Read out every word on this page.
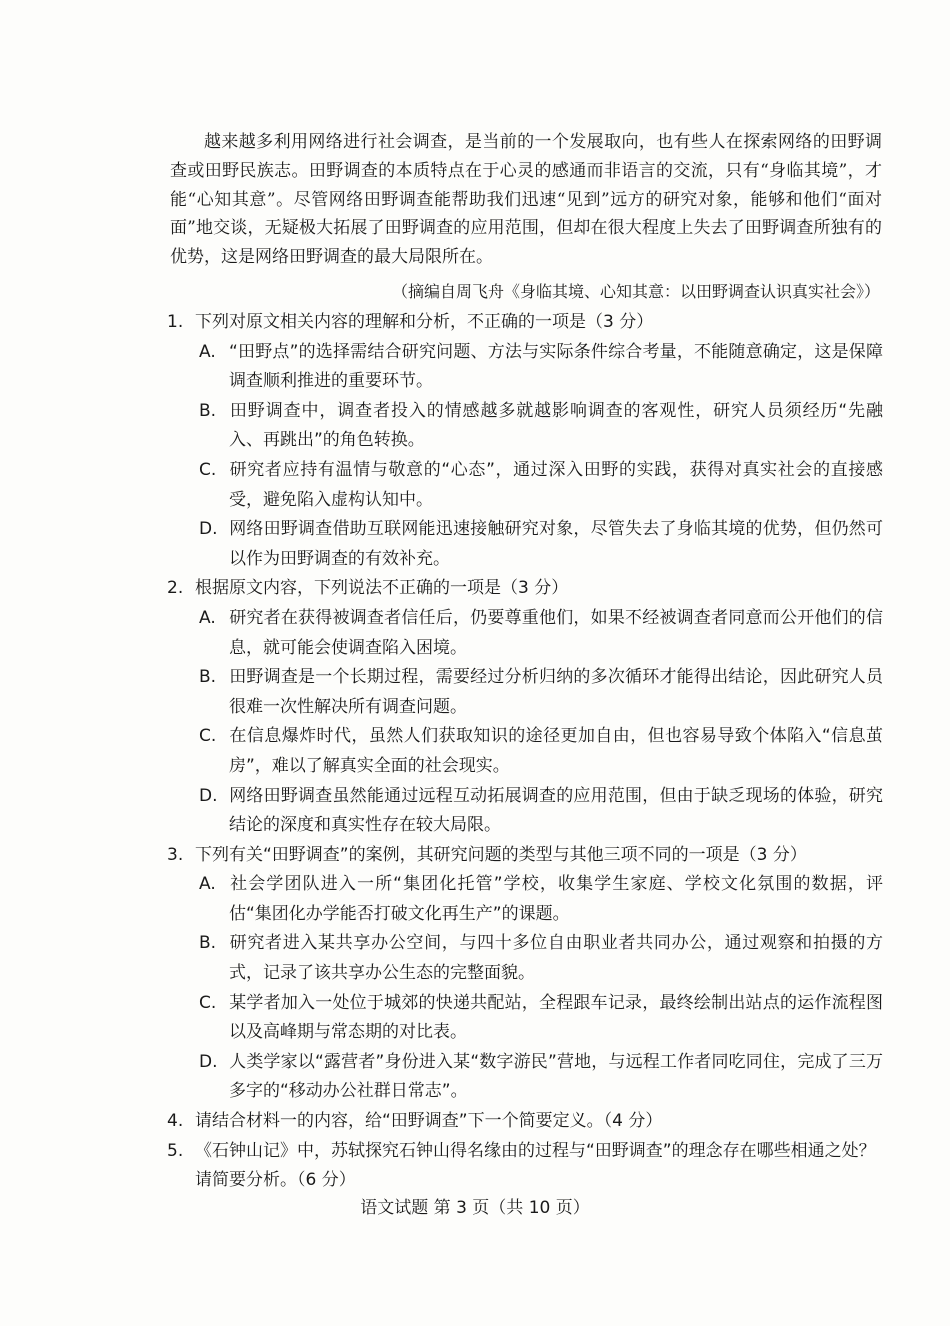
越来越多利用网络进行社会调查，是当前的一个发展取向，也有些人在探索网络的田野调查或田野民族志。田野调查的本质特点在于心灵的感通而非语言的交流，只有“身临其境”，才能“心知其意”。尽管网络田野调查能帮助我们迅速“见到”远方的研究对象，能够和他们“面对面”地交谈，无疑极大拓展了田野调查的应用范围，但却在很大程度上失去了田野调查所独有的优势，这是网络田野调查的最大局限所在。

（摘编自周飞舟《身临其境、心知其意：以田野调查认识真实社会》）

1. 下列对原文相关内容的理解和分析，不正确的一项是（3 分）

A. “田野点”的选择需结合研究问题、方法与实际条件综合考量，不能随意确定，这是保障调查顺利推进的重要环节。

B. 田野调查中，调查者投入的情感越多就越影响调查的客观性，研究人员须经历“先融入、再跳出”的角色转换。

C. 研究者应持有温情与敬意的“心态”，通过深入田野的实践，获得对真实社会的直接感受，避免陷入虚构认知中。

D. 网络田野调查借助互联网能迅速接触研究对象，尽管失去了身临其境的优势，但仍然可以作为田野调查的有效补充。

2. 根据原文内容，下列说法不正确的一项是（3 分）

A. 研究者在获得被调查者信任后，仍要尊重他们，如果不经被调查者同意而公开他们的信息，就可能会使调查陷入困境。

B. 田野调查是一个长期过程，需要经过分析归纳的多次循环才能得出结论，因此研究人员很难一次性解决所有调查问题。

C. 在信息爆炸时代，虽然人们获取知识的途径更加自由，但也容易导致个体陷入“信息茧房”，难以了解真实全面的社会现实。

D. 网络田野调查虽然能通过远程互动拓展调查的应用范围，但由于缺乏现场的体验，研究结论的深度和真实性存在较大局限。

3. 下列有关“田野调查”的案例，其研究问题的类型与其他三项不同的一项是（3 分）

A. 社会学团队进入一所“集团化托管”学校，收集学生家庭、学校文化氛围的数据，评估“集团化办学能否打破文化再生产”的课题。

B. 研究者进入某共享办公空间，与四十多位自由职业者共同办公，通过观察和拍摄的方式，记录了该共享办公生态的完整面貌。

C. 某学者加入一处位于城郊的快递共配站，全程跟车记录，最终绘制出站点的运作流程图以及高峰期与常态期的对比表。

D. 人类学家以“露营者”身份进入某“数字游民”营地，与远程工作者同吃同住，完成了三万多字的“移动办公社群日常志”。

4. 请结合材料一的内容，给“田野调查”下一个简要定义。（4 分）

5. 《石钟山记》中，苏轼探究石钟山得名缘由的过程与“田野调查”的理念存在哪些相通之处？请简要分析。（6 分）

语文试题 第 3 页（共 10 页）
